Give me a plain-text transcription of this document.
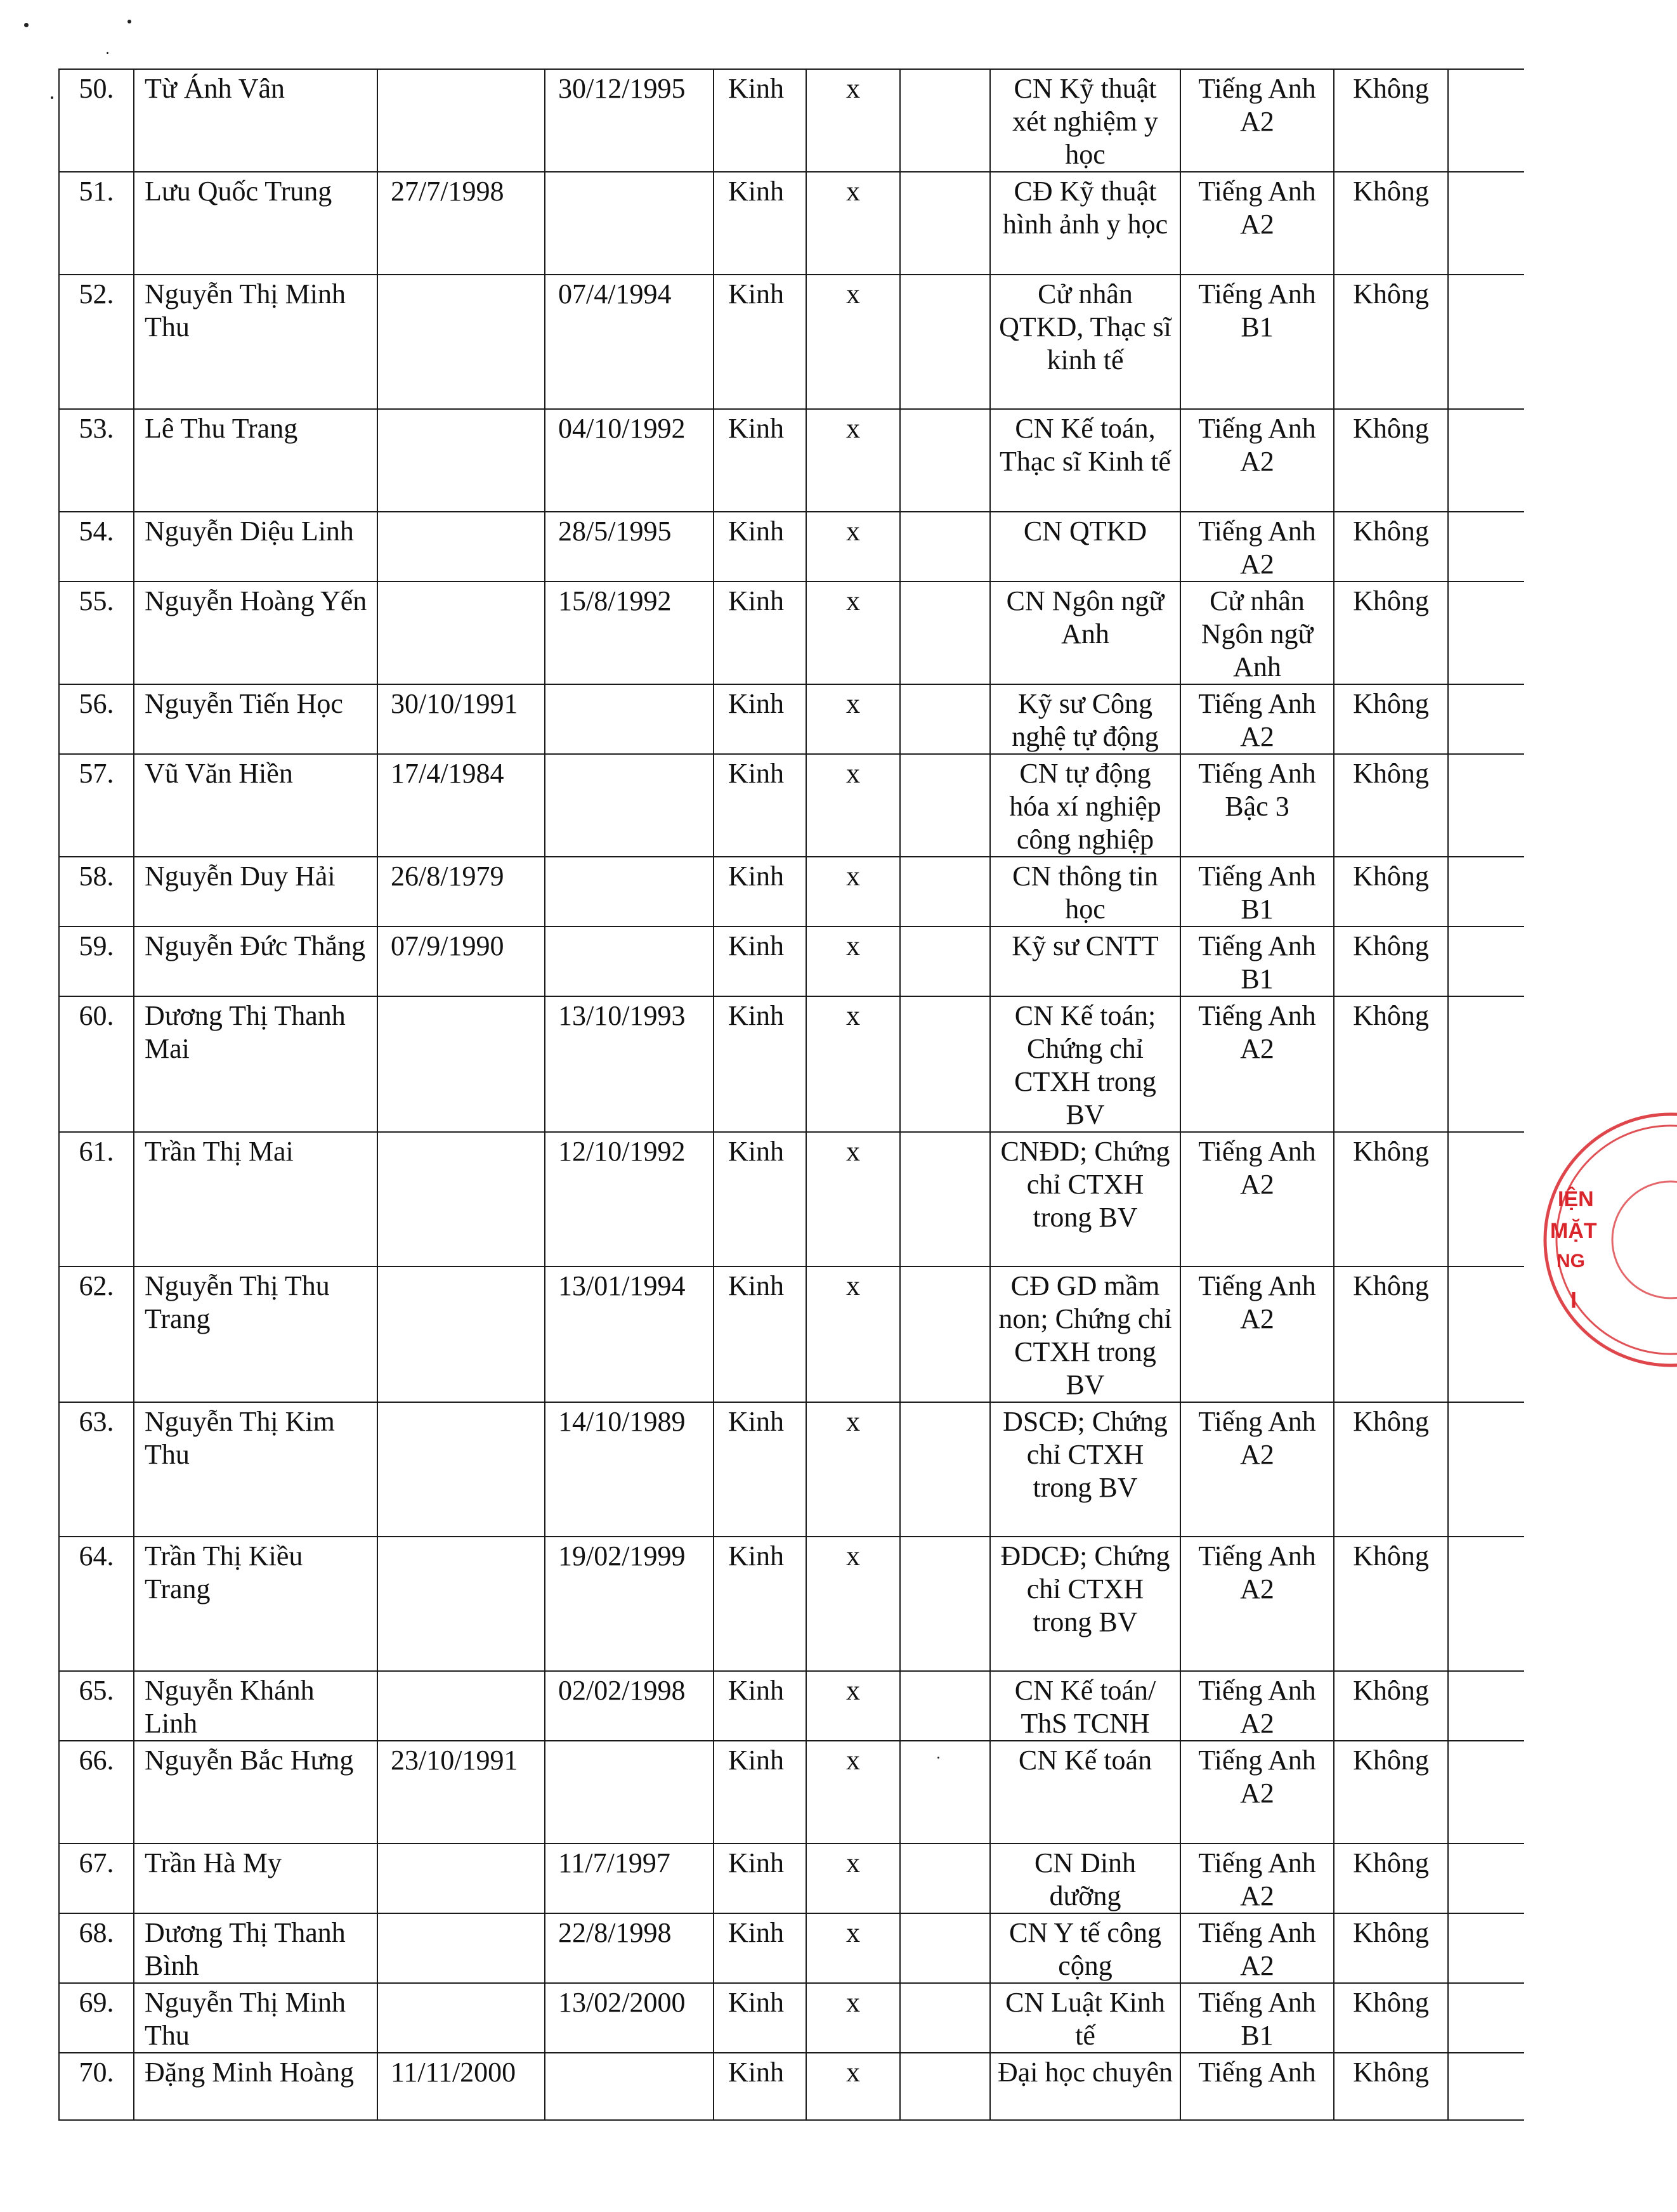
50.	Từ Ánh Vân		30/12/1995	Kinh	x		CN Kỹ thuật xét nghiệm y học	Tiếng Anh A2	Không	
51.	Lưu Quốc Trung	27/7/1998		Kinh	x		CĐ Kỹ thuật hình ảnh y học	Tiếng Anh A2	Không	
52.	Nguyễn Thị Minh Thu		07/4/1994	Kinh	x		Cử nhân QTKD, Thạc sĩ kinh tế	Tiếng Anh B1	Không	
53.	Lê Thu Trang		04/10/1992	Kinh	x		CN Kế toán, Thạc sĩ Kinh tế	Tiếng Anh A2	Không	
54.	Nguyễn Diệu Linh		28/5/1995	Kinh	x		CN QTKD	Tiếng Anh A2	Không	
55.	Nguyễn Hoàng Yến		15/8/1992	Kinh	x		CN Ngôn ngữ Anh	Cử nhân Ngôn ngữ Anh	Không	
56.	Nguyễn Tiến Học	30/10/1991		Kinh	x		Kỹ sư Công nghệ tự động	Tiếng Anh A2	Không	
57.	Vũ Văn Hiền	17/4/1984		Kinh	x		CN tự động hóa xí nghiệp công nghiệp	Tiếng Anh Bậc 3	Không	
58.	Nguyễn Duy Hải	26/8/1979		Kinh	x		CN thông tin học	Tiếng Anh B1	Không	
59.	Nguyễn Đức Thắng	07/9/1990		Kinh	x		Kỹ sư CNTT	Tiếng Anh B1	Không	
60.	Dương Thị Thanh Mai		13/10/1993	Kinh	x		CN Kế toán; Chứng chỉ CTXH trong BV	Tiếng Anh A2	Không	
61.	Trần Thị Mai		12/10/1992	Kinh	x		CNĐD; Chứng chỉ CTXH trong BV	Tiếng Anh A2	Không	
62.	Nguyễn Thị Thu Trang		13/01/1994	Kinh	x		CĐ GD mầm non; Chứng chỉ CTXH trong BV	Tiếng Anh A2	Không	
63.	Nguyễn Thị Kim Thu		14/10/1989	Kinh	x		DSCĐ; Chứng chỉ CTXH trong BV	Tiếng Anh A2	Không	
64.	Trần Thị Kiều Trang		19/02/1999	Kinh	x		ĐDCĐ; Chứng chỉ CTXH trong BV	Tiếng Anh A2	Không	
65.	Nguyễn Khánh Linh		02/02/1998	Kinh	x		CN Kế toán/ ThS TCNH	Tiếng Anh A2	Không	
66.	Nguyễn Bắc Hưng	23/10/1991		Kinh	x		CN Kế toán	Tiếng Anh A2	Không	
67.	Trần Hà My		11/7/1997	Kinh	x		CN Dinh dưỡng	Tiếng Anh A2	Không	
68.	Dương Thị Thanh Bình		22/8/1998	Kinh	x		CN Y tế công cộng	Tiếng Anh A2	Không	
69.	Nguyễn Thị Minh Thu		13/02/2000	Kinh	x		CN Luật Kinh tế	Tiếng Anh B1	Không	
70.	Đặng Minh Hoàng	11/11/2000		Kinh	x		Đại học chuyên	Tiếng Anh	Không	
IỆN
MẶT
NG
I
